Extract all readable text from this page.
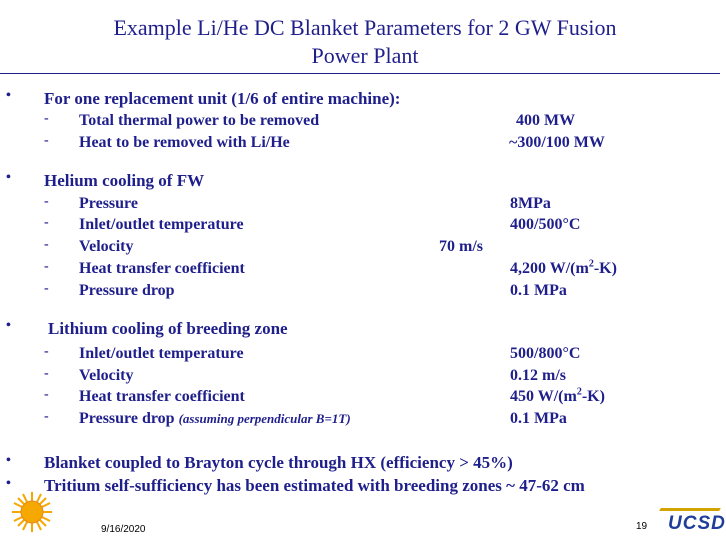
Example Li/He DC Blanket Parameters for 2 GW Fusion
Power Plant
• For one replacement unit (1/6 of entire machine):
- Total thermal power to be removed	400 MW
- Heat to be removed with Li/He	~300/100 MW
• Helium cooling of FW
- Pressure	8MPa
- Inlet/outlet temperature	400/500°C
- Velocity	70 m/s
- Heat transfer coefficient	4,200 $W/(m^2-K)$
- Pressure drop	0.1 MPa
• Lithium cooling of breeding zone
- Inlet/outlet temperature	500/800°C
- Velocity	0.12 m/s
- Heat transfer coefficient	450 $W/(m^2-K)$
- Pressure drop (assuming perpendicular B=1T)	0.1 MPa
• Blanket coupled to Brayton cycle through HX (efficiency > 45%)
• Tritium self-sufficiency has been estimated with breeding zones ~ 47-62 cm
9/16/2020	19 UCSD
